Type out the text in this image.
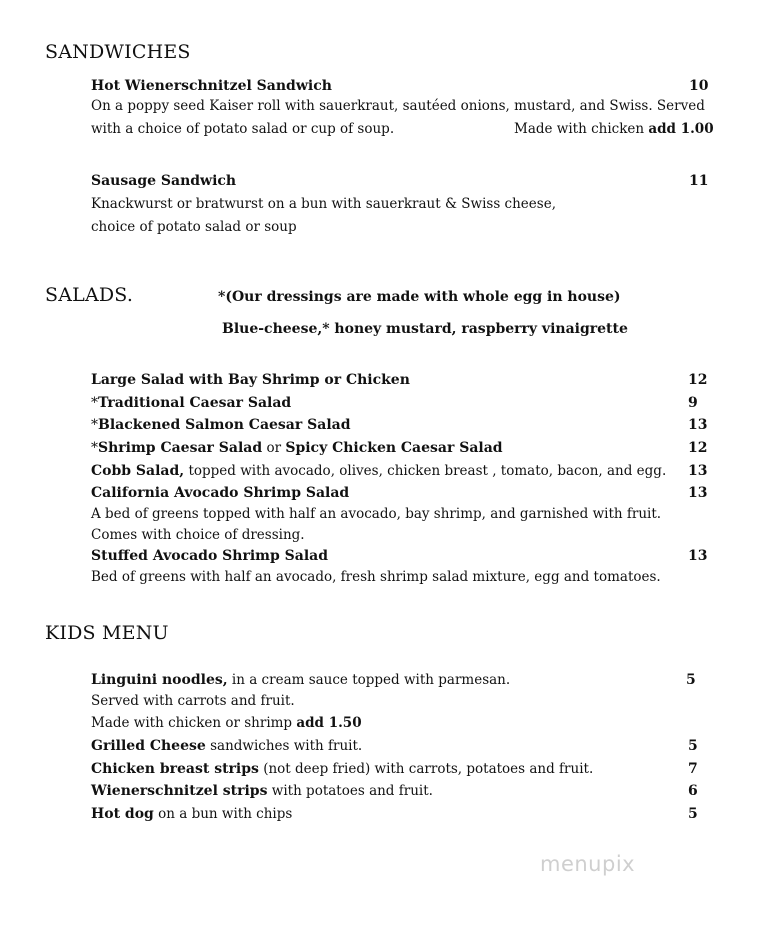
SANDWICHES
Hot Wienerschnitzel Sandwich	10
On a poppy seed Kaiser roll with sauerkraut, sautéed onions, mustard, and Swiss. Served
with a choice of potato salad or cup of soup.	Made with chicken add 1.00
Sausage Sandwich	11
Knackwurst or bratwurst on a bun with sauerkraut & Swiss cheese,
choice of potato salad or soup
SALADS.	*(Our dressings are made with whole egg in house)
Blue-cheese,* honey mustard, raspberry vinaigrette
Large Salad with Bay Shrimp or Chicken	12
*Traditional Caesar Salad	9
*Blackened Salmon Caesar Salad	13
*Shrimp Caesar Salad or Spicy Chicken Caesar Salad	12
Cobb Salad, topped with avocado, olives, chicken breast , tomato, bacon, and egg. 13
California Avocado Shrimp Salad	13
A bed of greens topped with half an avocado, bay shrimp, and garnished with fruit.
Comes with choice of dressing.
Stuffed Avocado Shrimp Salad	13
Bed of greens with half an avocado, fresh shrimp salad mixture, egg and tomatoes.
KIDS MENU
Linguini noodles, in a cream sauce topped with parmesan.	5
Served with carrots and fruit.
Made with chicken or shrimp add 1.50
Grilled Cheese sandwiches with fruit.	5
Chicken breast strips (not deep fried) with carrots, potatoes and fruit.	7
Wienerschnitzel strips with potatoes and fruit.	6
Hot dog on a bun with chips	5
menupix
